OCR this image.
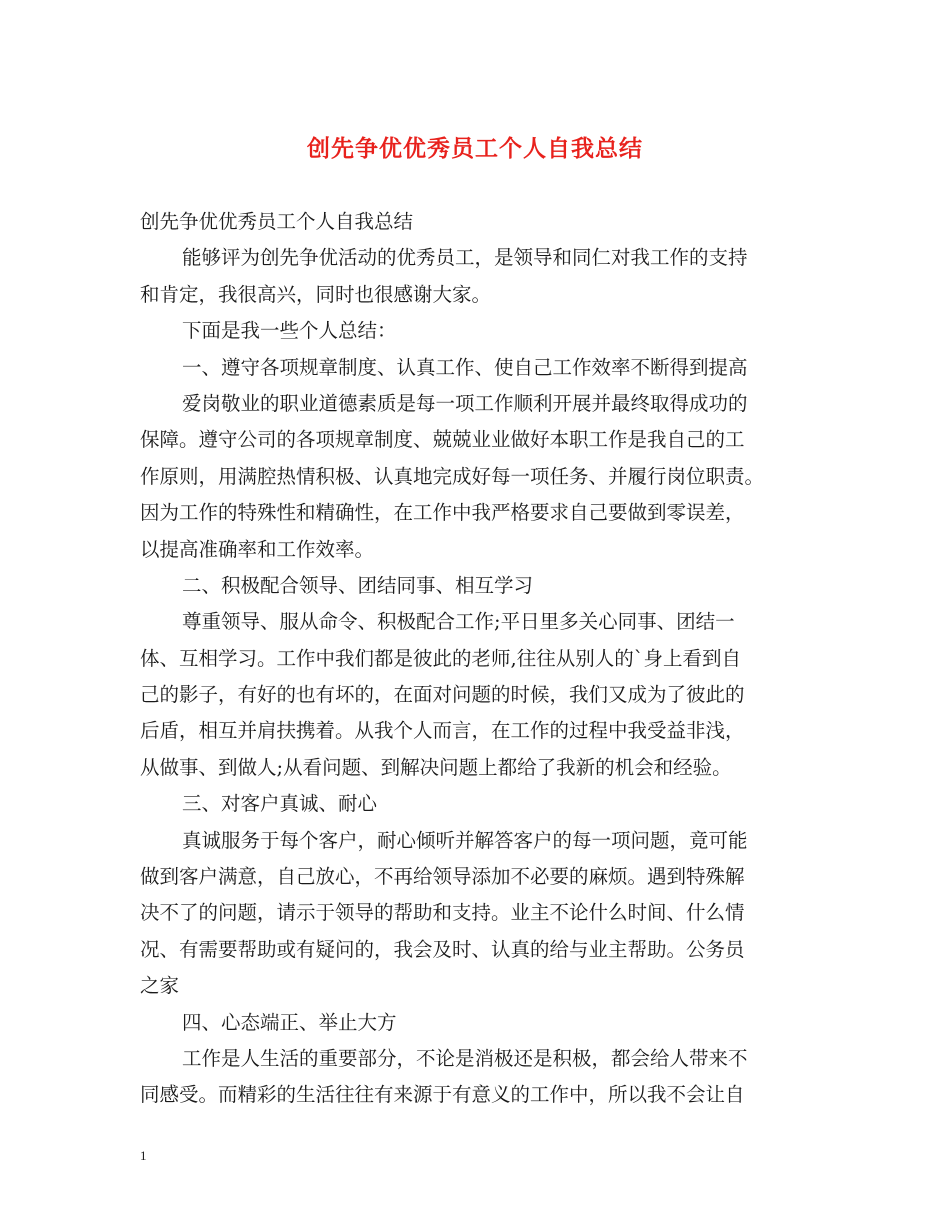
创先争优优秀员工个人自我总结
创先争优优秀员工个人自我总结
能够评为创先争优活动的优秀员工，是领导和同仁对我工作的支持
和肯定，我很高兴，同时也很感谢大家。
下面是我一些个人总结：
一、遵守各项规章制度、认真工作、使自己工作效率不断得到提高
爱岗敬业的职业道德素质是每一项工作顺利开展并最终取得成功的
保障。遵守公司的各项规章制度、兢兢业业做好本职工作是我自己的工
作原则，用满腔热情积极、认真地完成好每一项任务、并履行岗位职责。
因为工作的特殊性和精确性，在工作中我严格要求自己要做到零误差，
以提高准确率和工作效率。
二、积极配合领导、团结同事、相互学习
尊重领导、服从命令、积极配合工作;平日里多关心同事、团结一
体、互相学习。工作中我们都是彼此的老师,往往从别人的`身上看到自
己的影子，有好的也有坏的，在面对问题的时候，我们又成为了彼此的
后盾，相互并肩扶携着。从我个人而言，在工作的过程中我受益非浅，
从做事、到做人;从看问题、到解决问题上都给了我新的机会和经验。
三、对客户真诚、耐心
真诚服务于每个客户，耐心倾听并解答客户的每一项问题，竟可能
做到客户满意，自己放心，不再给领导添加不必要的麻烦。遇到特殊解
决不了的问题，请示于领导的帮助和支持。业主不论什么时间、什么情
况、有需要帮助或有疑问的，我会及时、认真的给与业主帮助。公务员
之家
四、心态端正、举止大方
工作是人生活的重要部分，不论是消极还是积极，都会给人带来不
同感受。而精彩的生活往往有来源于有意义的工作中，所以我不会让自
1
